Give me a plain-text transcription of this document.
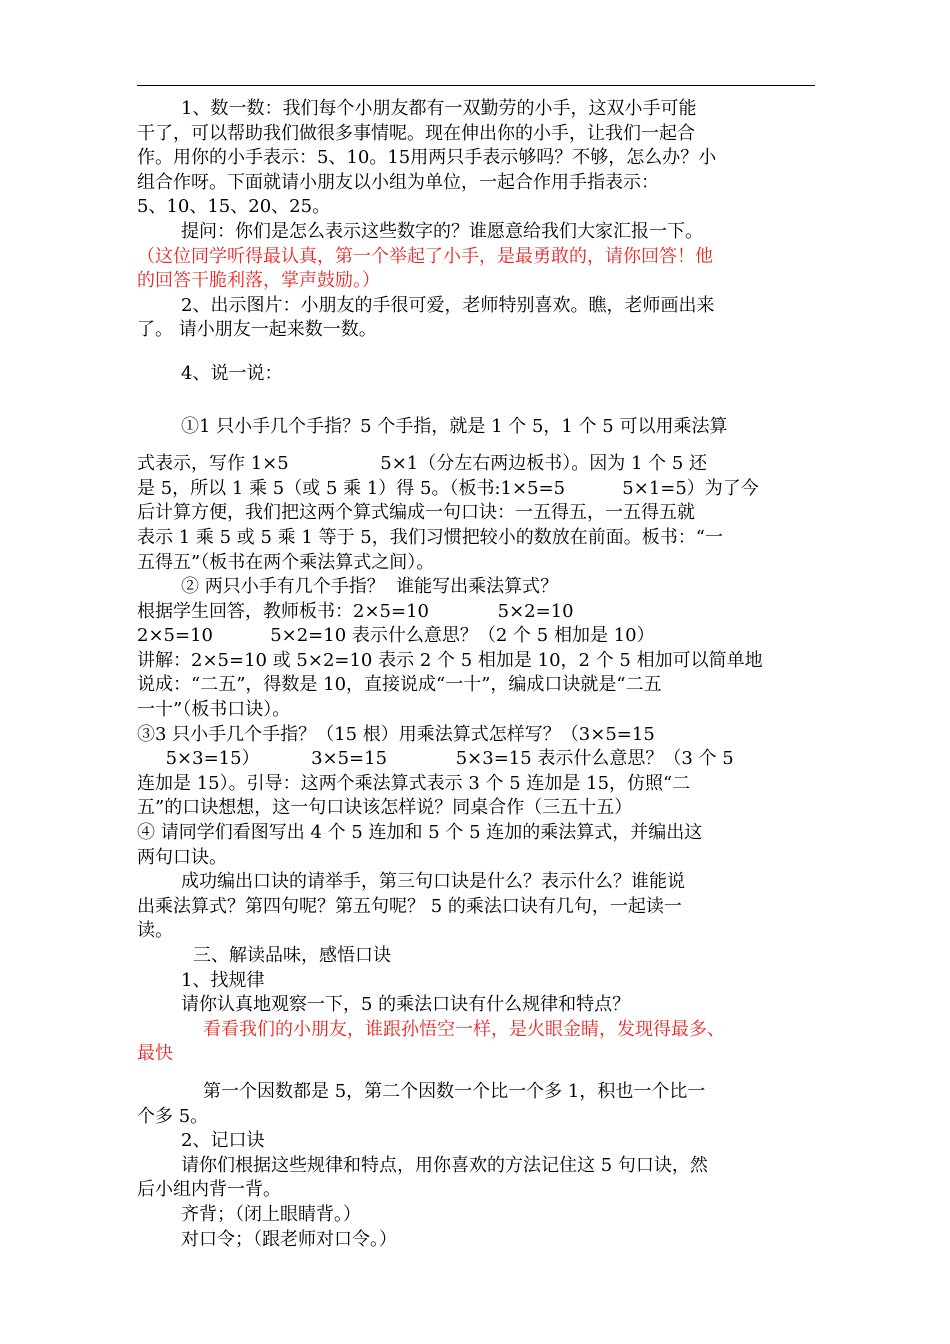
1、数一数：我们每个小朋友都有一双勤劳的小手，这双小手可能

干了，可以帮助我们做很多事情呢。现在伸出你的小手，让我们一起合

作。用你的小手表示：5、10。15用两只手表示够吗？不够，怎么办？小

组合作呀。下面就请小朋友以小组为单位，一起合作用手指表示：

5、10、15、20、25。

提问：你们是怎么表示这些数字的？谁愿意给我们大家汇报一下。

（这位同学听得最认真，第一个举起了小手，是最勇敢的，请你回答！他

的回答干脆利落，掌声鼓励。）

2、出示图片：小朋友的手很可爱，老师特别喜欢。瞧，老师画出来

了。 请小朋友一起来数一数。

4、说一说：

①1 只小手几个手指？5 个手指，就是 1 个 5，1 个 5 可以用乘法算

式表示，写作 1×5                5×1（分左右两边板书）。因为 1 个 5 还

是 5，所以 1 乘 5（或 5 乘 1）得 5。（板书:1×5=5          5×1=5）为了今

后计算方便，我们把这两个算式编成一句口诀：一五得五，一五得五就

表示 1 乘 5 或 5 乘 1 等于 5，我们习惯把较小的数放在前面。板书：“一

五得五”（板书在两个乘法算式之间）。

② 两只小手有几个手指？  谁能写出乘法算式？

根据学生回答，教师板书：2×5=10            5×2=10

2×5=10          5×2=10 表示什么意思？（2 个 5 相加是 10）

讲解：2×5=10 或 5×2=10 表示 2 个 5 相加是 10，2 个 5 相加可以简单地

说成：“二五”，得数是 10，直接说成“一十”，编成口诀就是“二五

一十”（板书口诀）。

③3 只小手几个手指？（15 根）用乘法算式怎样写？（3×5=15

5×3=15）         3×5=15            5×3=15 表示什么意思？（3 个 5

连加是 15）。引导：这两个乘法算式表示 3 个 5 连加是 15，仿照“二

五”的口诀想想，这一句口诀该怎样说？同桌合作（三五十五）

④ 请同学们看图写出 4 个 5 连加和 5 个 5 连加的乘法算式，并编出这

两句口诀。

成功编出口诀的请举手，第三句口诀是什么？表示什么？谁能说

出乘法算式？第四句呢？第五句呢？ 5 的乘法口诀有几句，一起读一

读。

三、解读品味，感悟口诀

1、找规律

请你认真地观察一下，5 的乘法口诀有什么规律和特点？

看看我们的小朋友，谁跟孙悟空一样，是火眼金睛，发现得最多、

最快

第一个因数都是 5，第二个因数一个比一个多 1，积也一个比一

个多 5。

2、记口诀

请你们根据这些规律和特点，用你喜欢的方法记住这 5 句口诀，然

后小组内背一背。

齐背；（闭上眼睛背。）

对口令；（跟老师对口令。）
